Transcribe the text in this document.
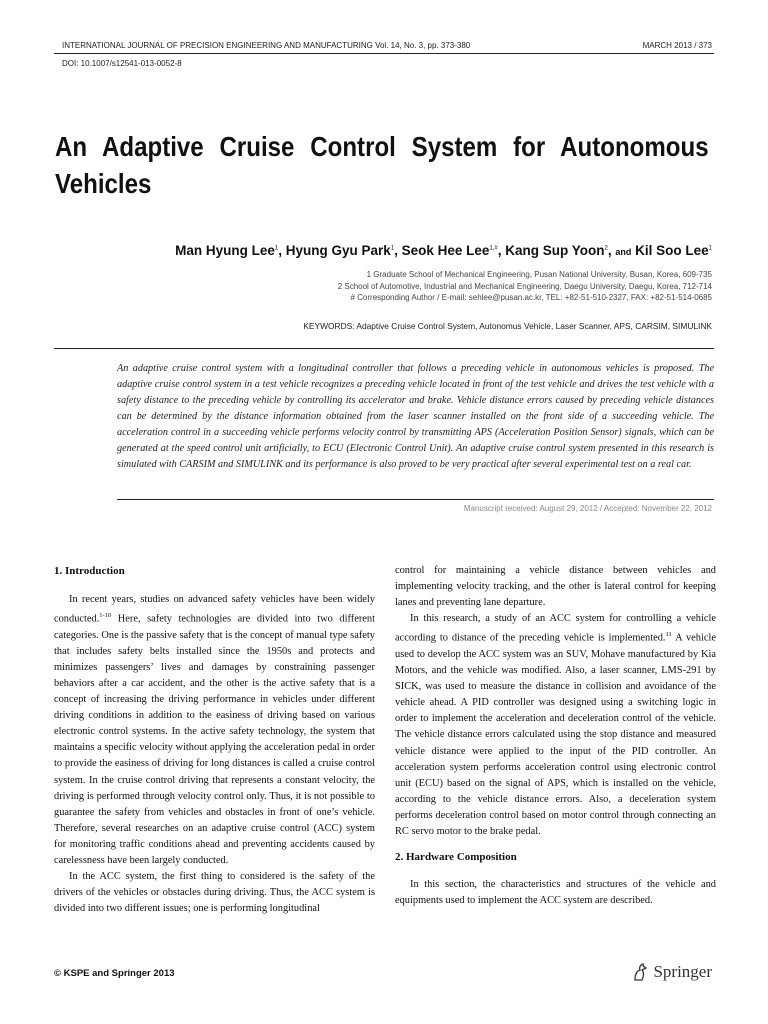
INTERNATIONAL JOURNAL OF PRECISION ENGINEERING AND MANUFACTURING Vol. 14, No. 3, pp. 373-380	MARCH 2013 / 373
DOI: 10.1007/s12541-013-0052-8
An Adaptive Cruise Control System for Autonomous Vehicles
Man Hyung Lee$^1$, Hyung Gyu Park$^1$, Seok Hee Lee$^{1,\#}$, Kang Sup Yoon$^2$, and Kil Soo Lee$^1$
1 Graduate School of Mechanical Engineering, Pusan National University, Busan, Korea, 609-735
2 School of Automotive, Industrial and Mechanical Engineering, Daegu University, Daegu, Korea, 712-714
# Corresponding Author / E-mail: sehlee@pusan.ac.kr, TEL: +82-51-510-2327, FAX: +82-51-514-0685
KEYWORDS: Adaptive Cruise Control System, Autonomus Vehicle, Laser Scanner, APS, CARSIM, SIMULINK
An adaptive cruise control system with a longitudinal controller that follows a preceding vehicle in autonomous vehicles is proposed. The adaptive cruise control system in a test vehicle recognizes a preceding vehicle located in front of the test vehicle and drives the test vehicle with a safety distance to the preceding vehicle by controlling its accelerator and brake. Vehicle distance errors caused by preceding vehicle distances can be determined by the distance information obtained from the laser scanner installed on the front side of a succeeding vehicle. The acceleration control in a succeeding vehicle performs velocity control by transmitting APS (Acceleration Position Sensor) signals, which can be generated at the speed control unit artificially, to ECU (Electronic Control Unit). An adaptive cruise control system presented in this research is simulated with CARSIM and SIMULINK and its performance is also proved to be very practical after several experimental test on a real car.
Manuscript received: August 29, 2012 / Accepted: November 22, 2012
1. Introduction

In recent years, studies on advanced safety vehicles have been widely conducted.$^{1-10}$ Here, safety technologies are divided into two different categories. One is the passive safety that is the concept of manual type safety that includes safety belts installed since the 1950s and protects and minimizes passengers’ lives and damages by constraining passenger behaviors after a car accident, and the other is the active safety that is a concept of increasing the driving performance in vehicles under different driving conditions in addition to the easiness of driving based on various electronic control systems. In the active safety technology, the system that maintains a specific velocity without applying the acceleration pedal in order to provide the easiness of driving for long distances is called a cruise control system. In the cruise control driving that represents a constant velocity, the driving is performed through velocity control only. Thus, it is not possible to guarantee the safety from vehicles and obstacles in front of one’s vehicle. Therefore, several researches on an adaptive cruise control (ACC) system for monitoring traffic conditions ahead and preventing accidents caused by carelessness have been largely conducted.

In the ACC system, the first thing to considered is the safety of the drivers of the vehicles or obstacles during driving. Thus, the ACC system is divided into two different issues; one is performing longitudinal

control for maintaining a vehicle distance between vehicles and implementing velocity tracking, and the other is lateral control for keeping lanes and preventing lane departure.

In this research, a study of an ACC system for controlling a vehicle according to distance of the preceding vehicle is implemented.$^{11}$ A vehicle used to develop the ACC system was an SUV, Mohave manufactured by Kia Motors, and the vehicle was modified. Also, a laser scanner, LMS-291 by SICK, was used to measure the distance in collision and avoidance of the vehicle ahead. A PID controller was designed using a switching logic in order to implement the acceleration and deceleration control of the vehicle. The vehicle distance errors calculated using the stop distance and measured vehicle distance were applied to the input of the PID controller. An acceleration system performs acceleration control using electronic control unit (ECU) based on the signal of APS, which is installed on the vehicle, according to the vehicle distance errors. Also, a deceleration system performs deceleration control based on motor control through connecting an RC servo motor to the brake pedal.

2. Hardware Composition

In this section, the characteristics and structures of the vehicle and equipments used to implement the ACC system are described.

© KSPE and Springer 2013	Springer
